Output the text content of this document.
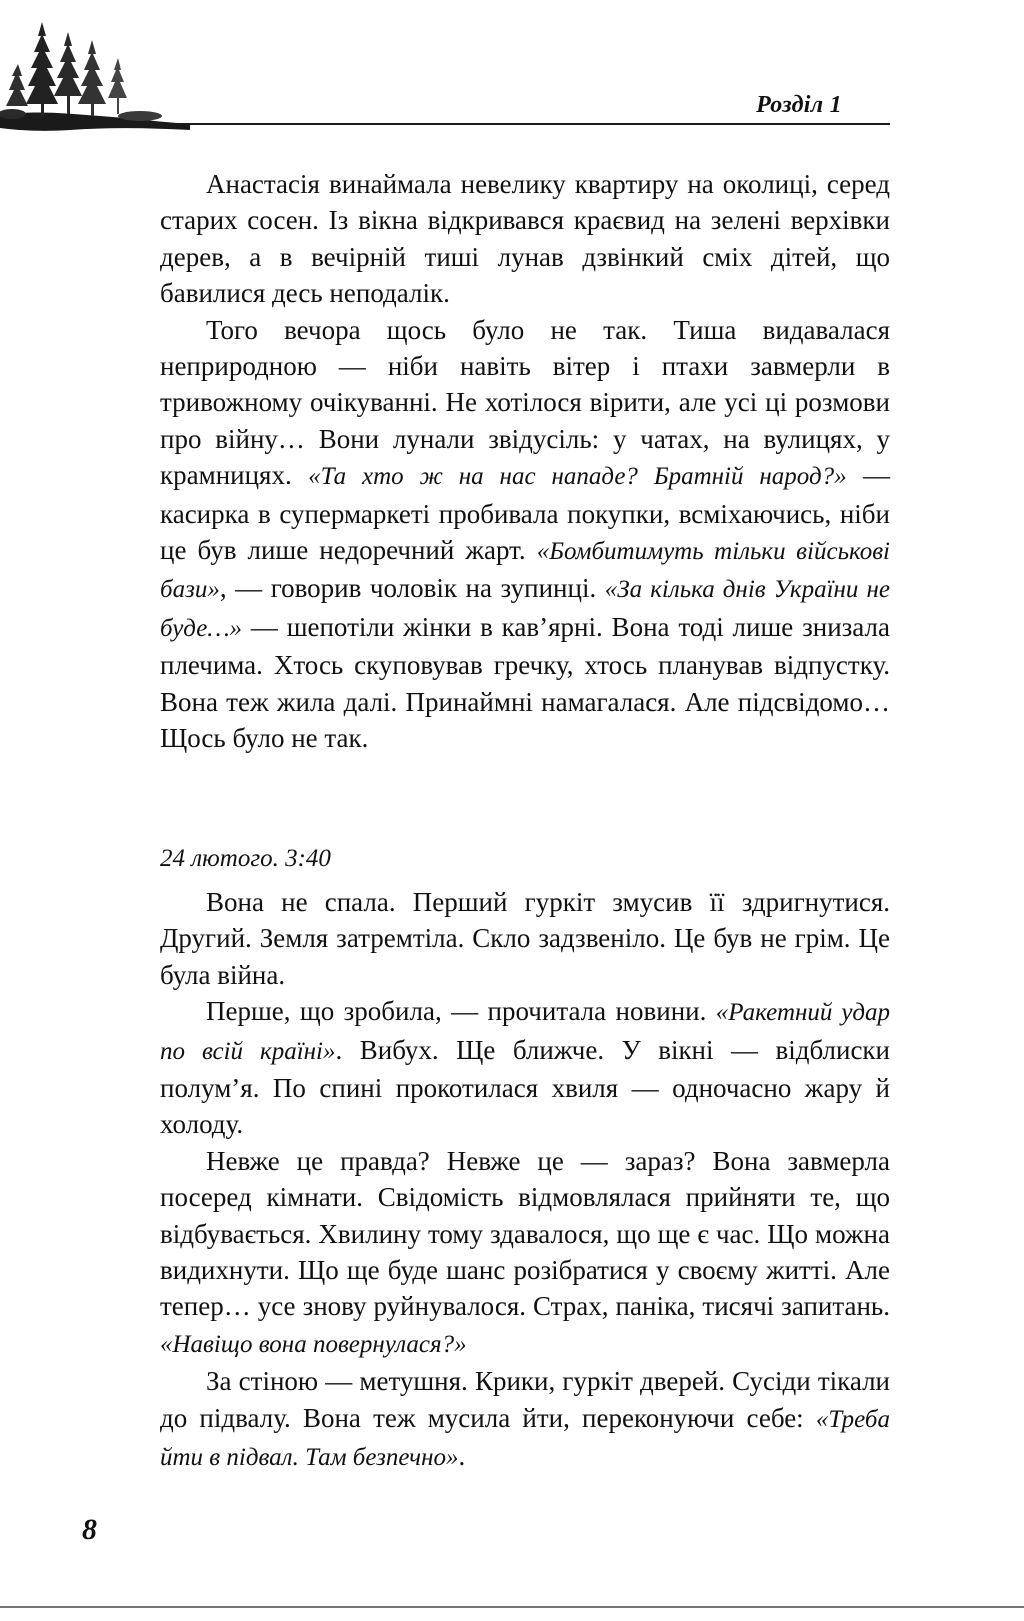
Розділ 1

Анастасія винаймала невелику квартиру на околиці, серед старих сосен. Із вікна відкривався краєвид на зелені верхівки дерев, а в вечірній тиші лунав дзвінкий сміх дітей, що бавилися десь неподалік.

Того вечора щось було не так. Тиша видавалася неприродною — ніби навіть вітер і птахи завмерли в тривожному очікуванні. Не хотілося вірити, але усі ці розмови про війну… Вони лунали звідусіль: у чатах, на вулицях, у крамницях. «Та хто ж на нас нападе? Братній народ?» — касирка в супермаркеті пробивала покупки, всміхаючись, ніби це був лише недоречний жарт. «Бомбитимуть тільки військові бази», — говорив чоловік на зупинці. «За кілька днів України не буде…» — шепотіли жінки в кав’ярні. Вона тоді лише знизала плечима. Хтось скуповував гречку, хтось планував відпустку. Вона теж жила далі. Принаймні намагалася. Але підсвідомо… Щось було не так.

24 лютого. 3:40

Вона не спала. Перший гуркіт змусив її здригнутися. Другий. Земля затремтіла. Скло задзвеніло. Це був не грім. Це була війна.

Перше, що зробила, — прочитала новини. «Ракетний удар по всій країні». Вибух. Ще ближче. У вікні — відблиски полум’я. По спині прокотилася хвиля — одночасно жару й холоду.

Невже це правда? Невже це — зараз? Вона завмерла посеред кімнати. Свідомість відмовлялася прийняти те, що відбувається. Хвилину тому здавалося, що ще є час. Що можна видихнути. Що ще буде шанс розібратися у своєму житті. Але тепер… усе знову руйнувалося. Страх, паніка, тисячі запитань. «Навіщо вона повернулася?»

За стіною — метушня. Крики, гуркіт дверей. Сусіди тікали до підвалу. Вона теж мусила йти, переконуючи себе: «Треба йти в підвал. Там безпечно».

8
